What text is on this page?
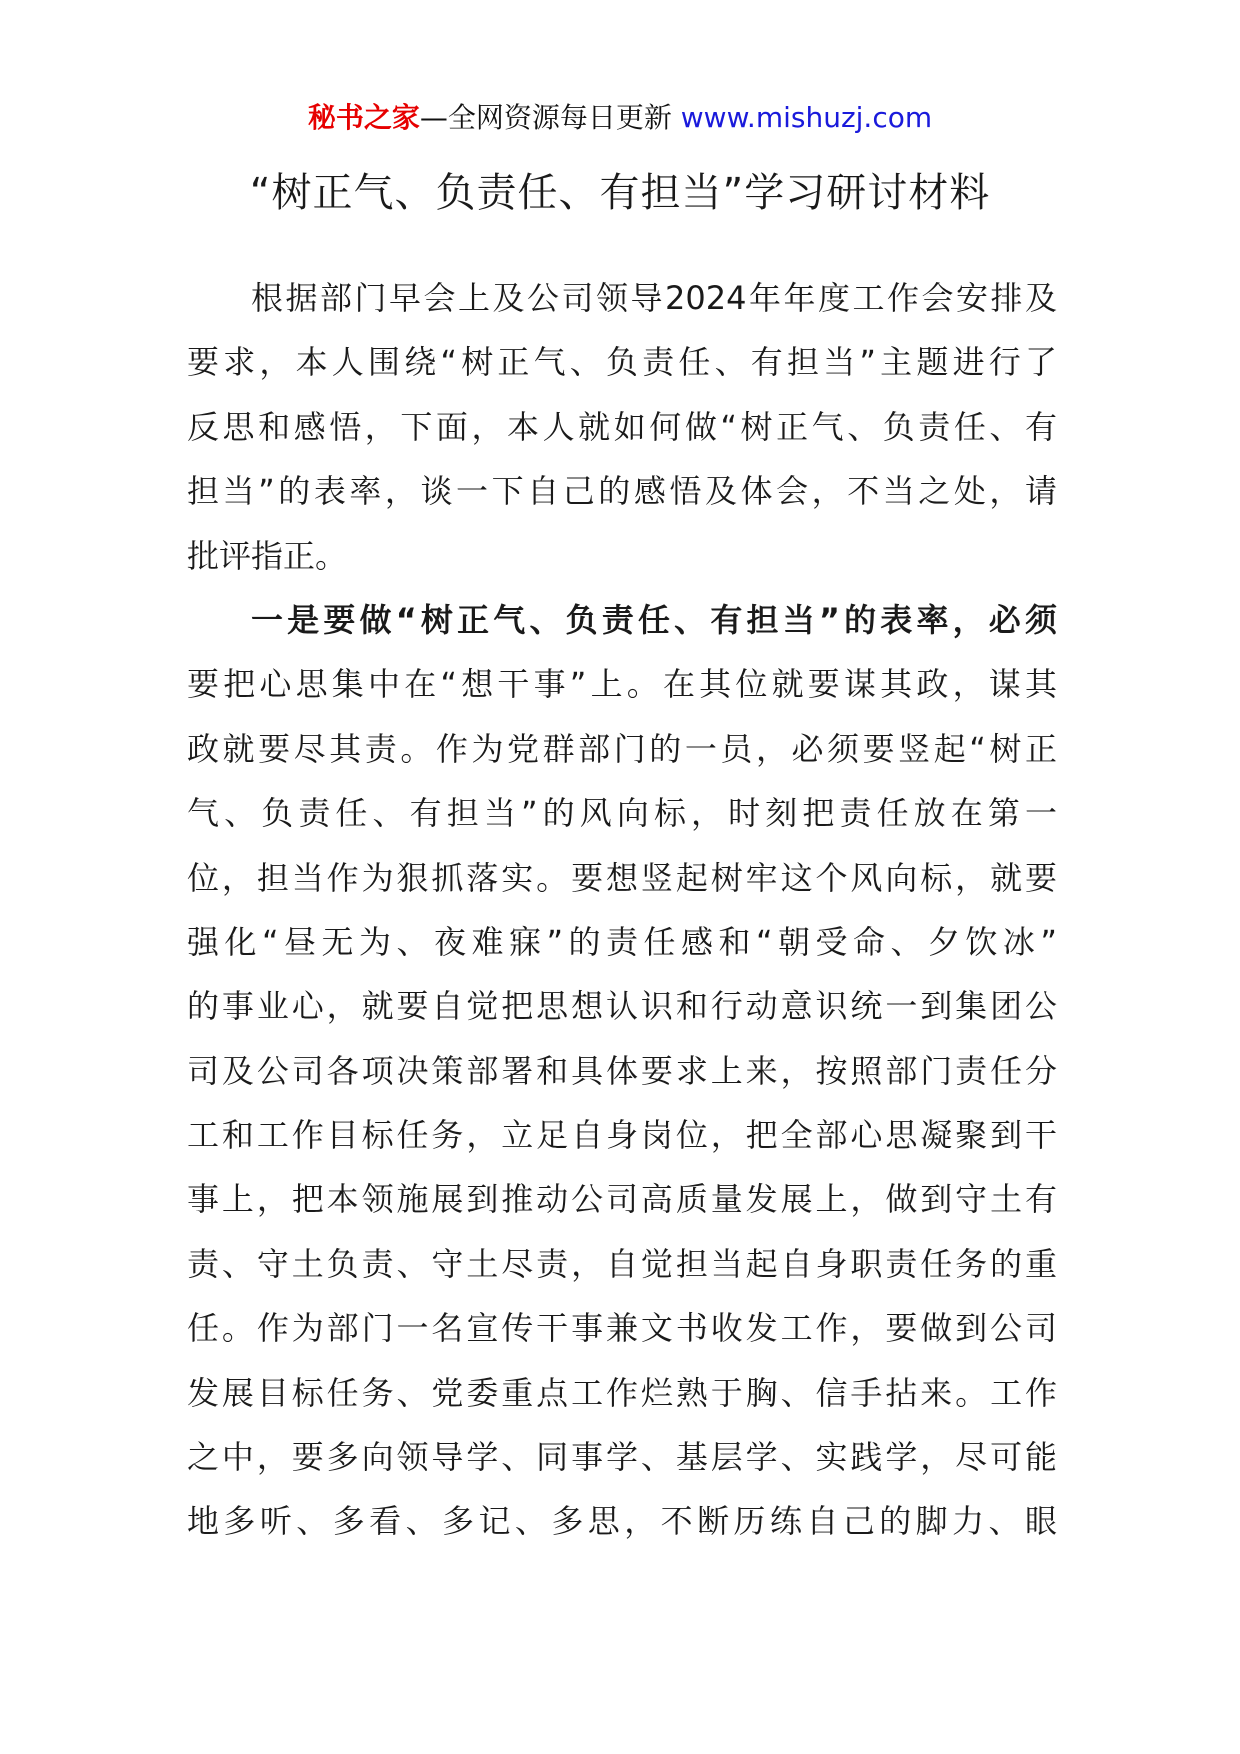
秘书之家—全网资源每日更新 www.mishuzj.com
“树正气、负责任、有担当”学习研讨材料
根据部门早会上及公司领导2024年年度工作会安排及
要求，本人围绕“树正气、负责任、有担当”主题进行了
反思和感悟，下面，本人就如何做“树正气、负责任、有
担当”的表率，谈一下自己的感悟及体会，不当之处，请
批评指正。
一是要做“树正气、负责任、有担当”的表率，必须
要把心思集中在“想干事”上。在其位就要谋其政，谋其
政就要尽其责。作为党群部门的一员，必须要竖起“树正
气、负责任、有担当”的风向标，时刻把责任放在第一
位，担当作为狠抓落实。要想竖起树牢这个风向标，就要
强化“昼无为、夜难寐”的责任感和“朝受命、夕饮冰”
的事业心，就要自觉把思想认识和行动意识统一到集团公
司及公司各项决策部署和具体要求上来，按照部门责任分
工和工作目标任务，立足自身岗位，把全部心思凝聚到干
事上，把本领施展到推动公司高质量发展上，做到守土有
责、守土负责、守土尽责，自觉担当起自身职责任务的重
任。作为部门一名宣传干事兼文书收发工作，要做到公司
发展目标任务、党委重点工作烂熟于胸、信手拈来。工作
之中，要多向领导学、同事学、基层学、实践学，尽可能
地多听、多看、多记、多思，不断历练自己的脚力、眼
